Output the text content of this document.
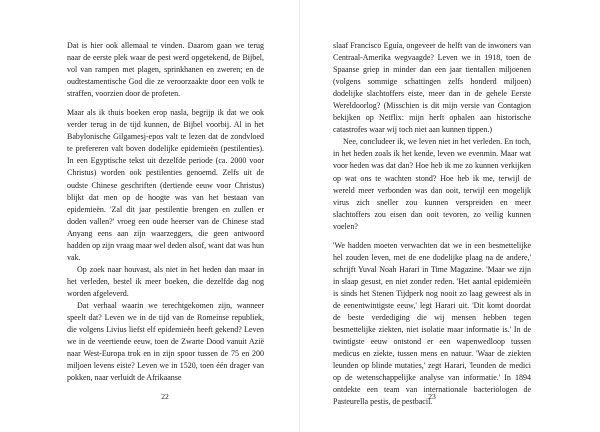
Dat is hier ook allemaal te vinden. Daarom gaan we terug naar de eerste plek waar de pest werd opgetekend, de Bijbel, vol van rampen met plagen, sprinkhanen en zweren; en de oudtestamentische God die ze veroorzaakte door een volk te straffen, voorzien door de profeten.

Maar als ik thuis boeken erop nasla, begrijp ik dat we ook verder terug in de tijd kunnen, de Bijbel voorbij. Al in het Babylonische Gilgamesj-epos valt te lezen dat de zondvloed te prefereren valt boven dodelijke epidemieën (pestilenties). In een Egyptische tekst uit dezelfde periode (ca. 2000 voor Christus) worden ook pestilenties genoemd. Zelfs uit de oudste Chinese geschriften (dertiende eeuw voor Christus) blijkt dat men op de hoogte was van het bestaan van epidemieën. 'Zal dit jaar pestilentie brengen en zullen er doden vallen?' vroeg een oude heerser van de Chinese stad Anyang eens aan zijn waarzeggers, die geen antwoord hadden op zijn vraag maar wel deden alsof, want dat was hun vak.

Op zoek naar houvast, als niet in het heden dan maar in het verleden, bestel ik meer boeken, die dezelfde dag nog worden afgeleverd.

Dat verhaal waarin we terechtgekomen zijn, wanneer speelt dat? Leven we in de tijd van de Romeinse republiek, die volgens Livius liefst elf epidemieën heeft gekend? Leven we in de veertiende eeuw, toen de Zwarte Dood vanuit Azië naar West-Europa trok en in zijn spoor tussen de 75 en 200 miljoen levens eiste? Leven we in 1520, toen één drager van pokken, naar verluidt de Afrikaanse

22

slaaf Francisco Eguía, ongeveer de helft van de inwoners van Centraal-Amerika wegvaagde? Leven we in 1918, toen de Spaanse griep in minder dan een jaar tientallen miljoenen (volgens sommige schattingen zelfs honderd miljoen) dodelijke slachtoffers eiste, meer dan in de gehele Eerste Wereldoorlog? (Misschien is dit mijn versie van Contagion bekijken op Netflix: mijn herft ophalen aan historische catastrofes waar wij toch niet aan kunnen tippen.)

Nee, concludeer ik, we leven niet in het verleden. En toch, in het heden zoals ik het kende, leven we evenmin. Maar wat voor heden was dat dan? Hoe heb ik me zo kunnen verkijken op wat ons te wachten stond? Hoe heb ik me, terwijl de wereld meer verbonden was dan ooit, terwijl een mogelijk virus zich sneller zou kunnen verspreiden en meer slachtoffers zou eisen dan ooit tevoren, zo veilig kunnen voelen?

'We hadden moeten verwachten dat we in een besmettelijke hel zouden leven, met de ene dodelijke plaag na de andere,' schrijft Yuval Noah Harari in Time Magazine. 'Maar we zijn in slaap gesust, en niet zonder reden. 'Het aantal epidemieën is sinds het Stenen Tijdperk nog nooit zo laag geweest als in de eenentwintigste eeuw,' legt Harari uit. 'Dit komt doordat de beste verdediging die wij mensen hebben tegen besmettelijke ziekten, niet isolatie maar informatie is.' In de twintigste eeuw ontstond er een wapenwedloop tussen medicus en ziekte, tussen mens en natuur. 'Waar de ziekten leunden op blinde mutaties,' zegt Harari, 'leunden de medici op de wetenschappelijke analyse van informatie.' In 1894 ontdekte een team van internationale bacteriologen de Pasteurella pestis, de pestbacil.

23
